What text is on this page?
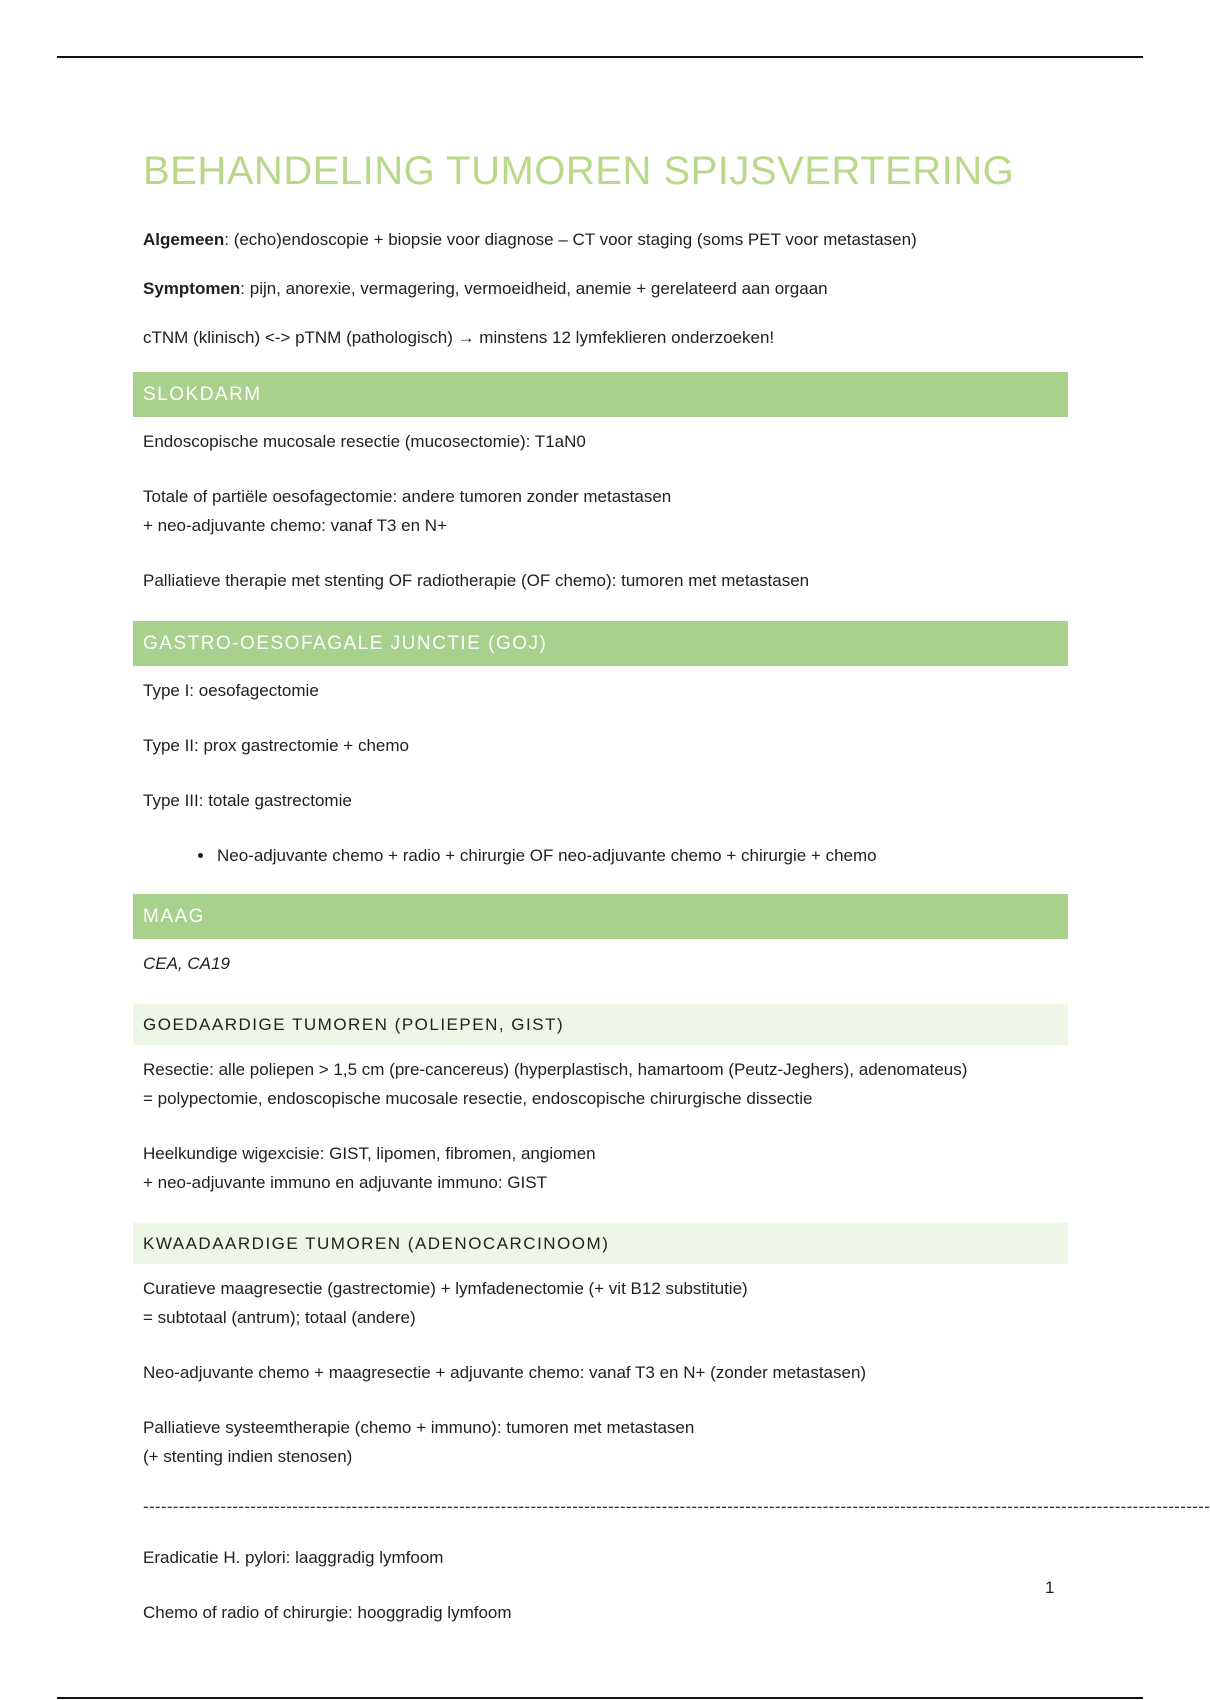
BEHANDELING TUMOREN SPIJSVERTERING

Algemeen: (echo)endoscopie + biopsie voor diagnose – CT voor staging (soms PET voor metastasen)

Symptomen: pijn, anorexie, vermagering, vermoeidheid, anemie + gerelateerd aan orgaan

cTNM (klinisch) <-> pTNM (pathologisch) → minstens 12 lymfeklieren onderzoeken!

SLOKDARM

Endoscopische mucosale resectie (mucosectomie): T1aN0

Totale of partiële oesofagectomie: andere tumoren zonder metastasen
+ neo-adjuvante chemo: vanaf T3 en N+

Palliatieve therapie met stenting OF radiotherapie (OF chemo): tumoren met metastasen

GASTRO-OESOFAGALE JUNCTIE (GOJ)

Type I: oesofagectomie

Type II: prox gastrectomie + chemo

Type III: totale gastrectomie

• Neo-adjuvante chemo + radio + chirurgie OF neo-adjuvante chemo + chirurgie + chemo
MAAG

CEA, CA19

GOEDAARDIGE TUMOREN (POLIEPEN, GIST)

Resectie: alle poliepen > 1,5 cm (pre-cancereus) (hyperplastisch, hamartoom (Peutz-Jeghers), adenomateus)
= polypectomie, endoscopische mucosale resectie, endoscopische chirurgische dissectie

Heelkundige wigexcisie: GIST, lipomen, fibromen, angiomen
+ neo-adjuvante immuno en adjuvante immuno: GIST

KWAADAARDIGE TUMOREN (ADENOCARCINOOM)

Curatieve maagresectie (gastrectomie) + lymfadenectomie (+ vit B12 substitutie)
= subtotaal (antrum); totaal (andere)

Neo-adjuvante chemo + maagresectie + adjuvante chemo: vanaf T3 en N+ (zonder metastasen)

Palliatieve systeemtherapie (chemo + immuno): tumoren met metastasen
(+ stenting indien stenosen)

-----------------------------------------------------------------------------------------------------------------------------------------------------------------------------------

Eradicatie H. pylori: laaggradig lymfoom

Chemo of radio of chirurgie: hooggradig lymfoom

1
